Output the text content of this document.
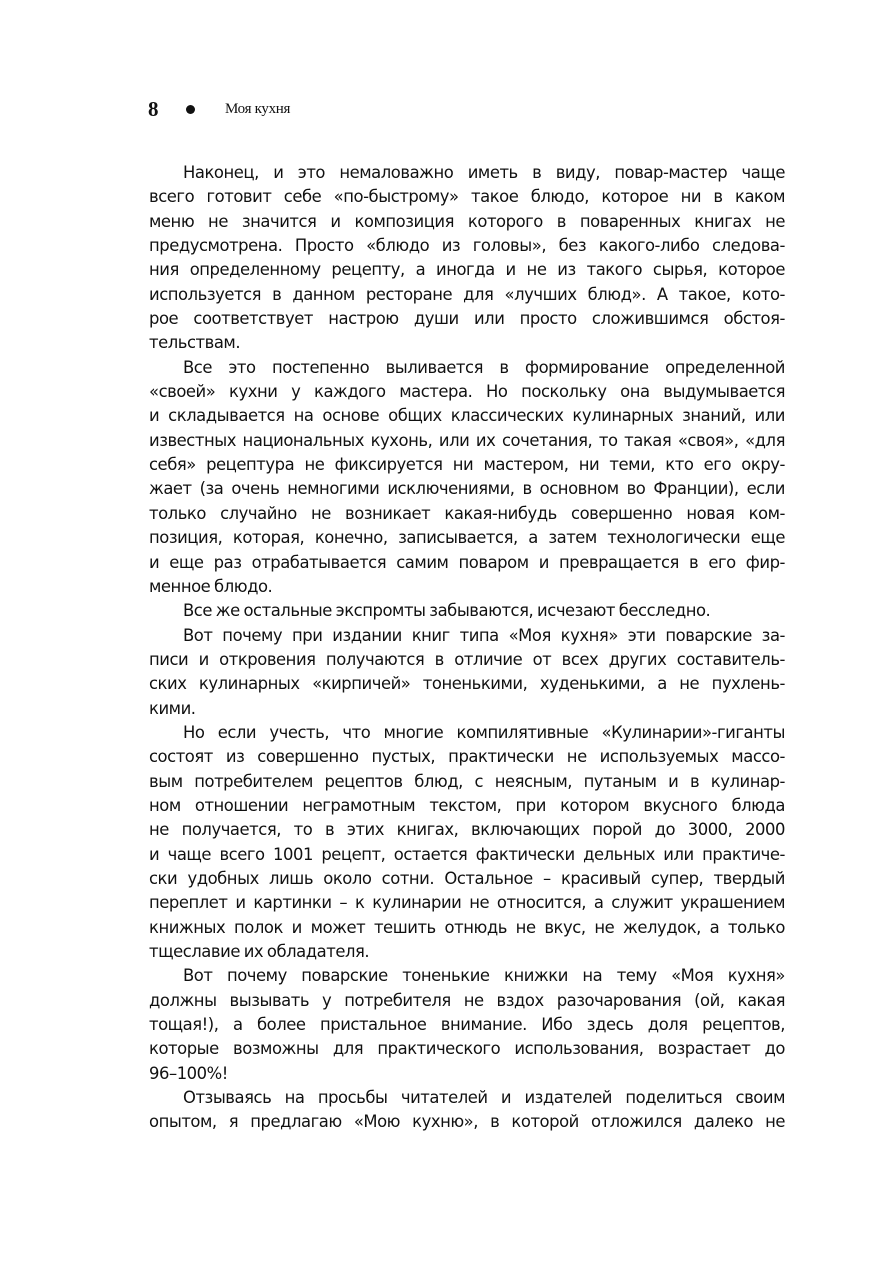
8	Моя кухня
Наконец, и это немаловажно иметь в виду, повар-мастер чаще
всего готовит себе «по-быстрому» такое блюдо, которое ни в каком
меню не значится и композиция которого в поваренных книгах не
предусмотрена. Просто «блюдо из головы», без какого-либо следова-
ния определенному рецепту, а иногда и не из такого сырья, которое
используется в данном ресторане для «лучших блюд». А такое, кото-
рое соответствует настрою души или просто сложившимся обстоя-
тельствам.
Все это постепенно выливается в формирование определенной
«своей» кухни у каждого мастера. Но поскольку она выдумывается
и складывается на основе общих классических кулинарных знаний, или
известных национальных кухонь, или их сочетания, то такая «своя», «для
себя» рецептура не фиксируется ни мастером, ни теми, кто его окру-
жает (за очень немногими исключениями, в основном во Франции), если
только случайно не возникает какая-нибудь совершенно новая ком-
позиция, которая, конечно, записывается, а затем технологически еще
и еще раз отрабатывается самим поваром и превращается в его фир-
менное блюдо.
Все же остальные экспромты забываются, исчезают бесследно.
Вот почему при издании книг типа «Моя кухня» эти поварские за-
писи и откровения получаются в отличие от всех других составитель-
ских кулинарных «кирпичей» тоненькими, худенькими, а не пухлень-
кими.
Но если учесть, что многие компилятивные «Кулинарии»-гиганты
состоят из совершенно пустых, практически не используемых массо-
вым потребителем рецептов блюд, с неясным, путаным и в кулинар-
ном отношении неграмотным текстом, при котором вкусного блюда
не получается, то в этих книгах, включающих порой до 3000, 2000
и чаще всего 1001 рецепт, остается фактически дельных или практиче-
ски удобных лишь около сотни. Остальное – красивый супер, твердый
переплет и картинки – к кулинарии не относится, а служит украшением
книжных полок и может тешить отнюдь не вкус, не желудок, а только
тщеславие их обладателя.
Вот почему поварские тоненькие книжки на тему «Моя кухня»
должны вызывать у потребителя не вздох разочарования (ой, какая
тощая!), а более пристальное внимание. Ибо здесь доля рецептов,
которые возможны для практического использования, возрастает до
96–100%!
Отзываясь на просьбы читателей и издателей поделиться своим
опытом, я предлагаю «Мою кухню», в которой отложился далеко не
